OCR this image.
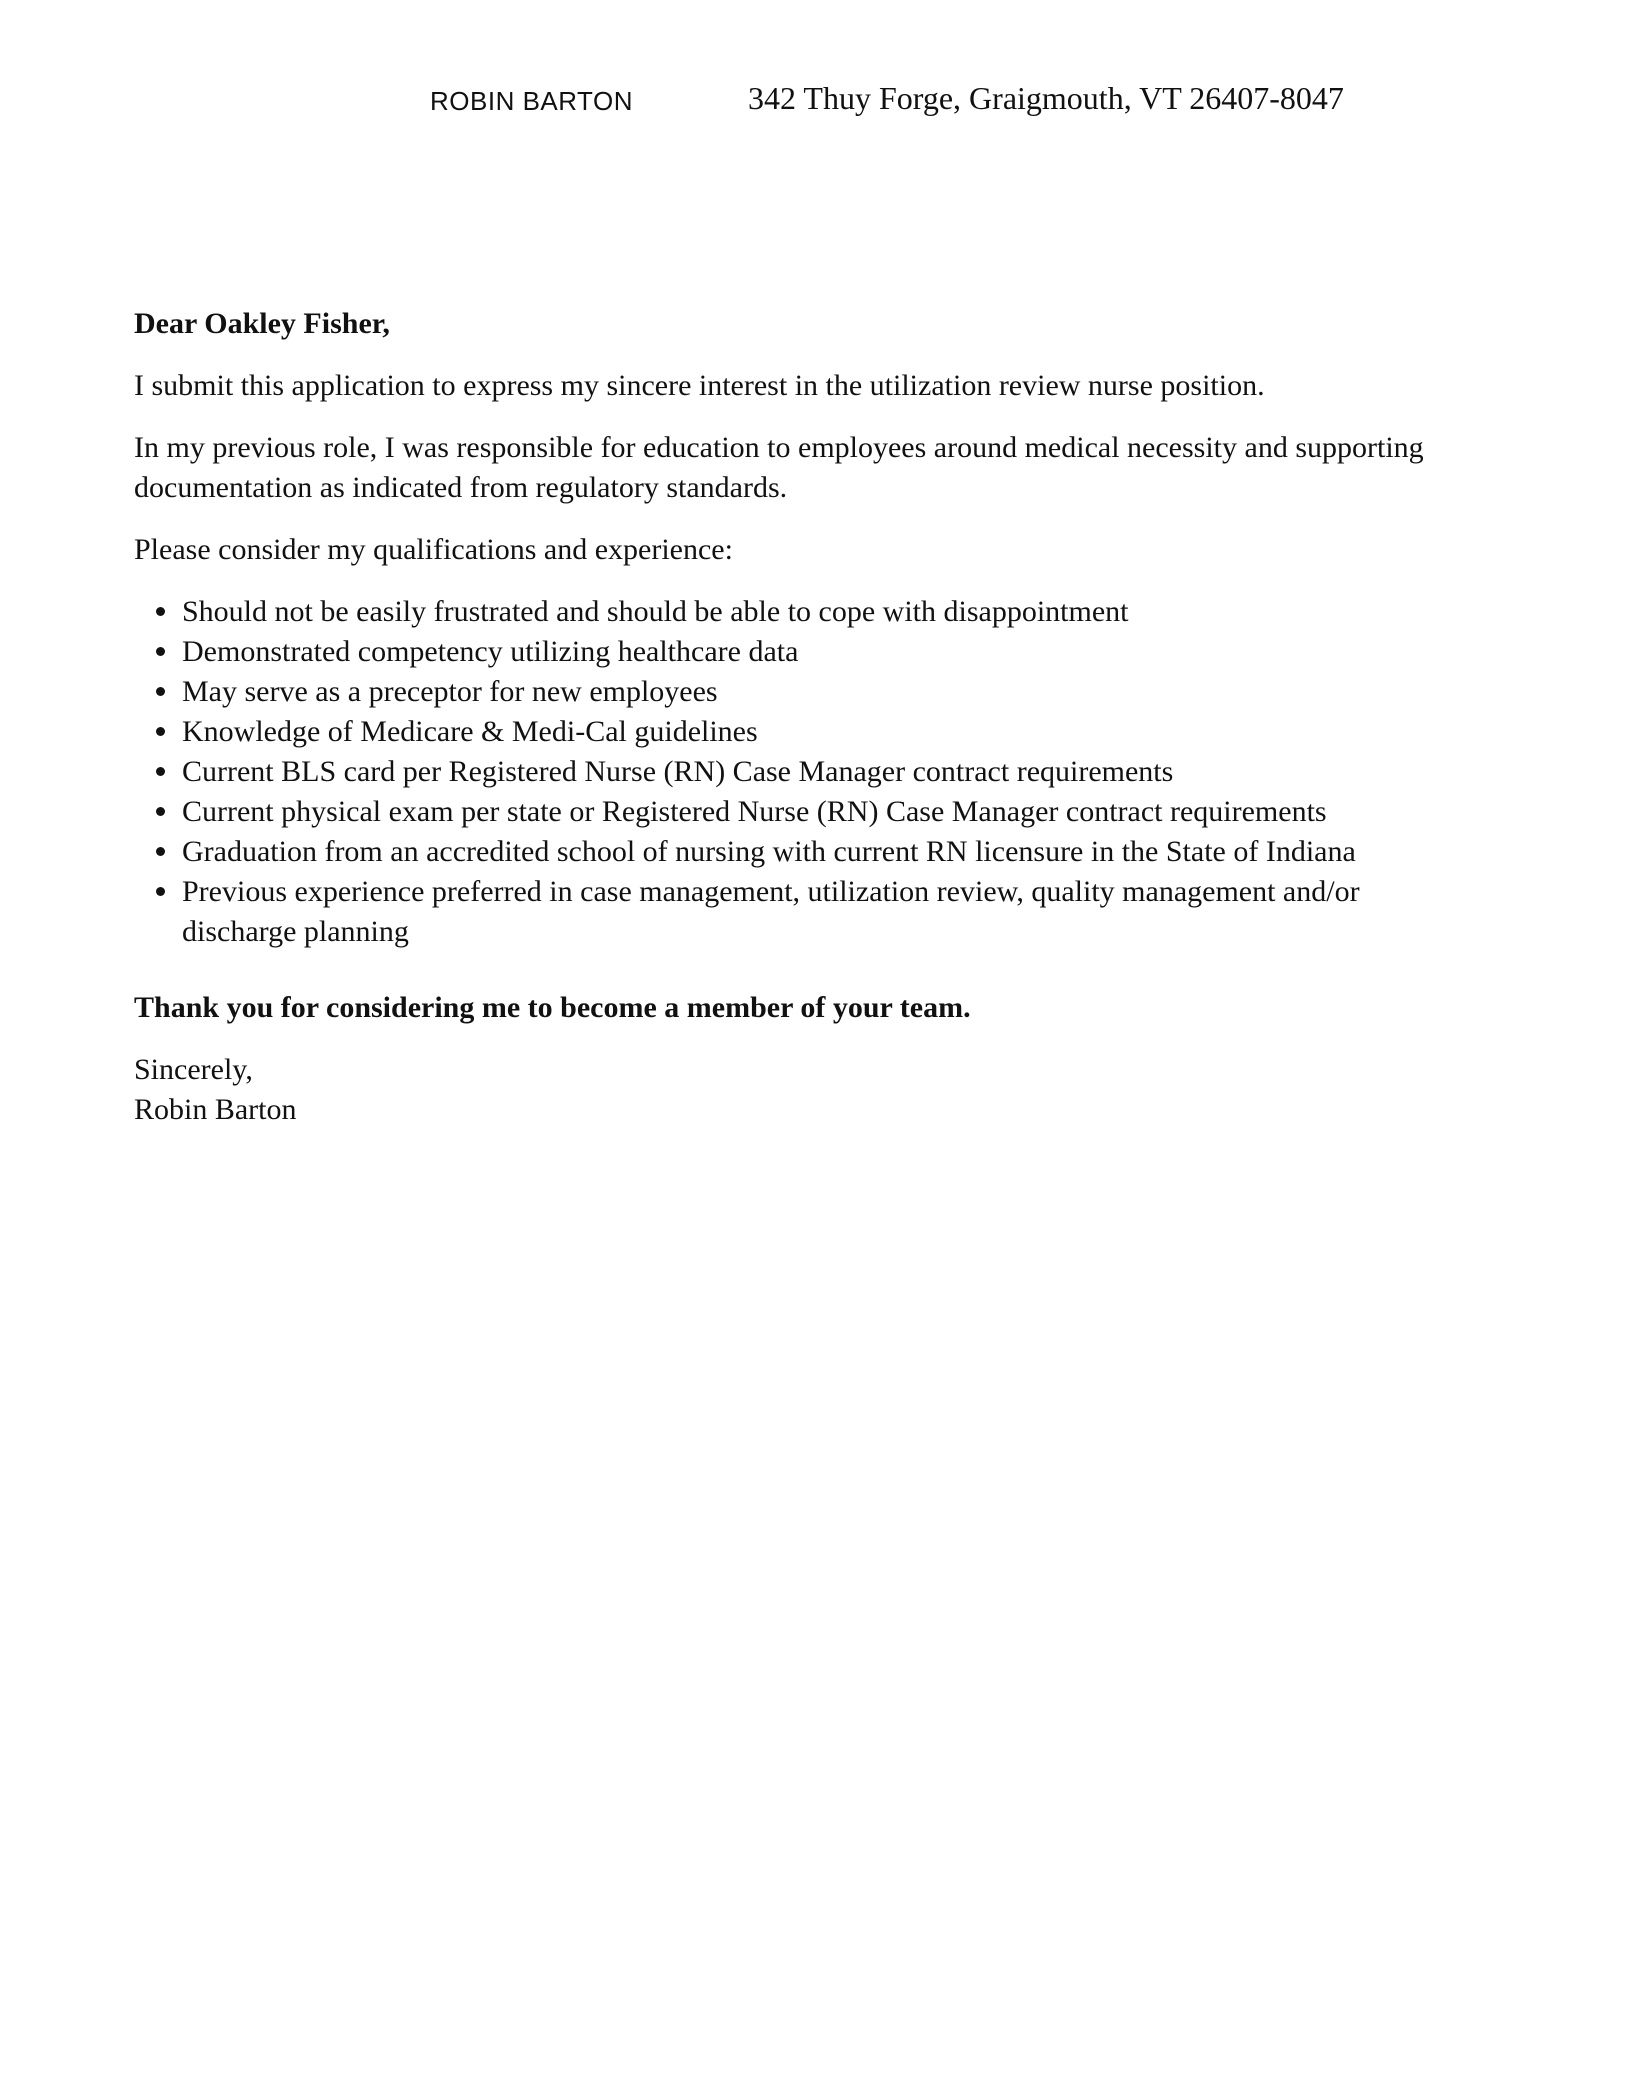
ROBIN BARTON	342 Thuy Forge, Graigmouth, VT 26407-8047

Dear Oakley Fisher,

I submit this application to express my sincere interest in the utilization review nurse position.

In my previous role, I was responsible for education to employees around medical necessity and supporting documentation as indicated from regulatory standards.

Please consider my qualifications and experience:

Should not be easily frustrated and should be able to cope with disappointment
Demonstrated competency utilizing healthcare data
May serve as a preceptor for new employees
Knowledge of Medicare & Medi-Cal guidelines
Current BLS card per Registered Nurse (RN) Case Manager contract requirements
Current physical exam per state or Registered Nurse (RN) Case Manager contract requirements
Graduation from an accredited school of nursing with current RN licensure in the State of Indiana
Previous experience preferred in case management, utilization review, quality management and/or discharge planning

Thank you for considering me to become a member of your team.

Sincerely,

Robin Barton
